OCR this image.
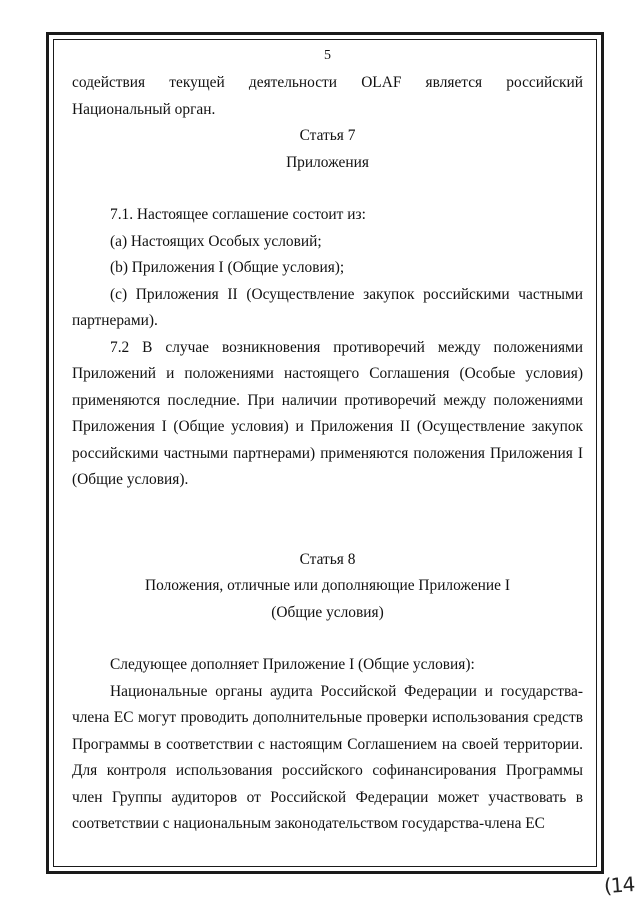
5

содействия текущей деятельности OLAF является российский Национальный орган.

Статья 7

Приложения

7.1. Настоящее соглашение состоит из:

(a) Настоящих Особых условий;

(b) Приложения I (Общие условия);

(c) Приложения II (Осуществление закупок российскими частными партнерами).

7.2 В случае возникновения противоречий между положениями Приложений и положениями настоящего Соглашения (Особые условия) применяются последние. При наличии противоречий между положениями Приложения I (Общие условия) и Приложения II (Осуществление закупок российскими частными партнерами) применяются положения Приложения I (Общие условия).

Статья 8

Положения, отличные или дополняющие Приложение I

(Общие условия)

Следующее дополняет Приложение I (Общие условия):

Национальные органы аудита Российской Федерации и государства-члена ЕС могут проводить дополнительные проверки использования средств Программы в соответствии с настоящим Соглашением на своей территории. Для контроля использования российского софинансирования Программы член Группы аудиторов от Российской Федерации может участвовать в соответствии с национальным законодательством государства-члена ЕС

(14
